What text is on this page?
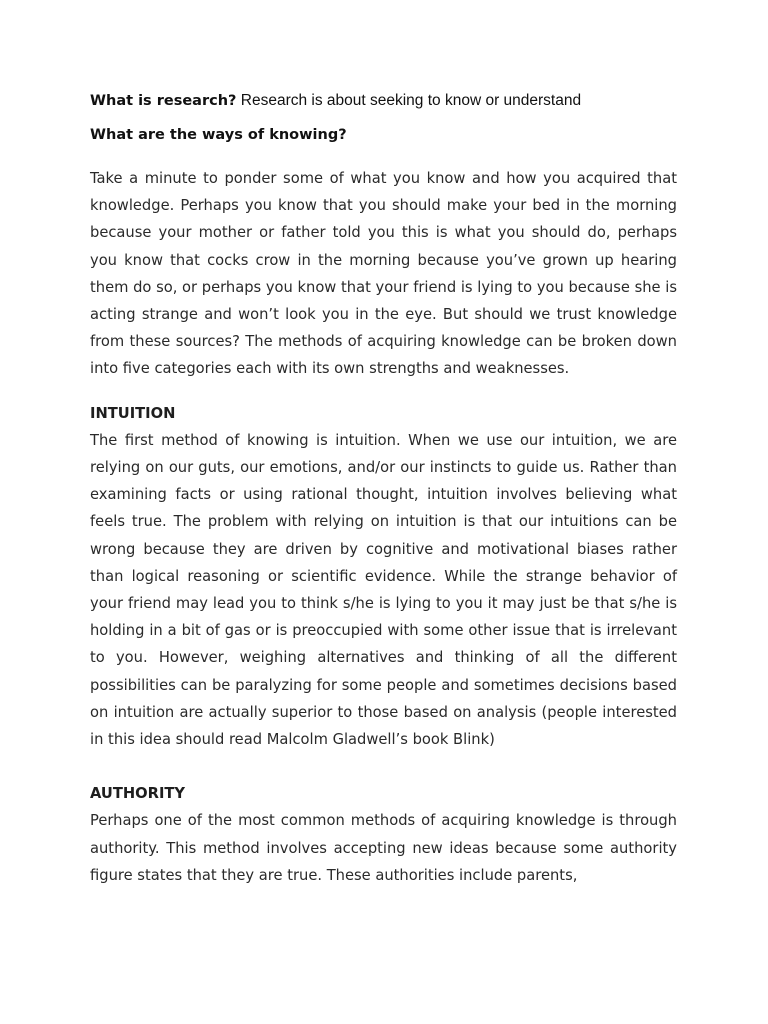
What is research? Research is about seeking to know or understand

What are the ways of knowing?

Take a minute to ponder some of what you know and how you acquired that knowledge. Perhaps you know that you should make your bed in the morning because your mother or father told you this is what you should do, perhaps you know that cocks crow in the morning because you’ve grown up hearing them do so, or perhaps you know that your friend is lying to you because she is acting strange and won’t look you in the eye. But should we trust knowledge from these sources? The methods of acquiring knowledge can be broken down into five categories each with its own strengths and weaknesses.

INTUITION

The first method of knowing is intuition. When we use our intuition, we are relying on our guts, our emotions, and/or our instincts to guide us. Rather than examining facts or using rational thought, intuition involves believing what feels true. The problem with relying on intuition is that our intuitions can be wrong because they are driven by cognitive and motivational biases rather than logical reasoning or scientific evidence. While the strange behavior of your friend may lead you to think s/he is lying to you it may just be that s/he is holding in a bit of gas or is preoccupied with some other issue that is irrelevant to you. However, weighing alternatives and thinking of all the different possibilities can be paralyzing for some people and sometimes decisions based on intuition are actually superior to those based on analysis (people interested in this idea should read Malcolm Gladwell’s book Blink)

AUTHORITY

Perhaps one of the most common methods of acquiring knowledge is through authority. This method involves accepting new ideas because some authority figure states that they are true. These authorities include parents,
